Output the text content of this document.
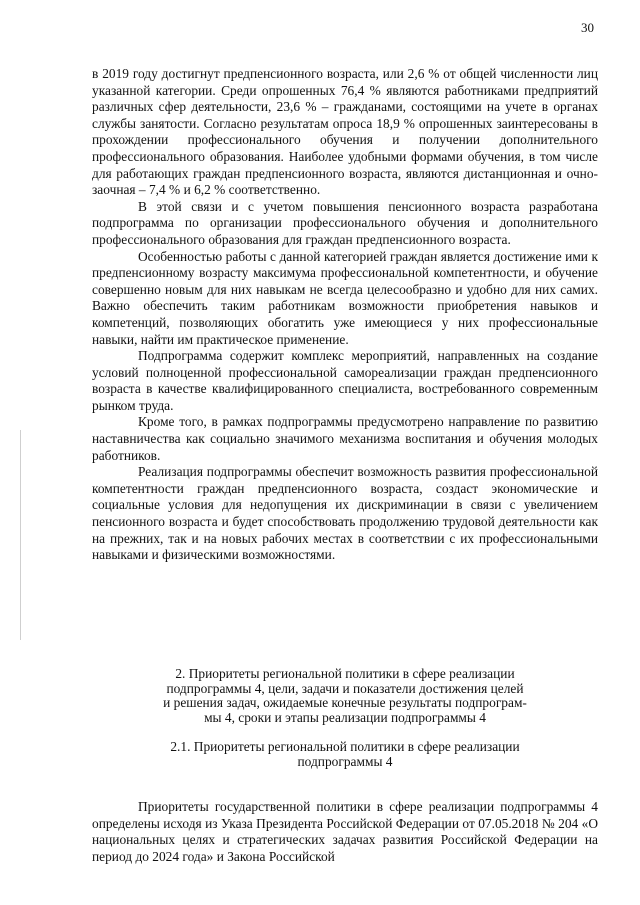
30

в 2019 году достигнут предпенсионного возраста, или 2,6 % от общей численности лиц указанной категории. Среди опрошенных 76,4 % являются работниками предприятий различных сфер деятельности, 23,6 % – гражданами, состоящими на учете в органах службы занятости. Согласно результатам опроса 18,9 % опрошенных заинтересованы в прохождении профессионального обучения и получении дополнительного профессионального образования. Наиболее удобными формами обучения, в том числе для работающих граждан предпенсионного возраста, являются дистанционная и очно-заочная – 7,4 % и 6,2 % соответственно.

В этой связи и с учетом повышения пенсионного возраста разработана подпрограмма по организации профессионального обучения и дополнительного профессионального образования для граждан предпенсионного возраста.

Особенностью работы с данной категорией граждан является достижение ими к предпенсионному возрасту максимума профессиональной компетентности, и обучение совершенно новым для них навыкам не всегда целесообразно и удобно для них самих. Важно обеспечить таким работникам возможности приобретения навыков и компетенций, позволяющих обогатить уже имеющиеся у них профессиональные навыки, найти им практическое применение.

Подпрограмма содержит комплекс мероприятий, направленных на создание условий полноценной профессиональной самореализации граждан предпенсионного возраста в качестве квалифицированного специалиста, востребованного современным рынком труда.

Кроме того, в рамках подпрограммы предусмотрено направление по развитию наставничества как социально значимого механизма воспитания и обучения молодых работников.

Реализация подпрограммы обеспечит возможность развития профессиональной компетентности граждан предпенсионного возраста, создаст экономические и социальные условия для недопущения их дискриминации в связи с увеличением пенсионного возраста и будет способствовать продолжению трудовой деятельности как на прежних, так и на новых рабочих местах в соответствии с их профессиональными навыками и физическими возможностями.

2. Приоритеты региональной политики в сфере реализации
подпрограммы 4, цели, задачи и показатели достижения целей
и решения задач, ожидаемые конечные результаты подпрограм-
мы 4, сроки и этапы реализации подпрограммы 4
2.1. Приоритеты региональной политики в сфере реализации
подпрограммы 4

Приоритеты государственной политики в сфере реализации подпрограммы 4 определены исходя из Указа Президента Российской Федерации от 07.05.2018 № 204 «О национальных целях и стратегических задачах развития Российской Федерации на период до 2024 года» и Закона Российской
